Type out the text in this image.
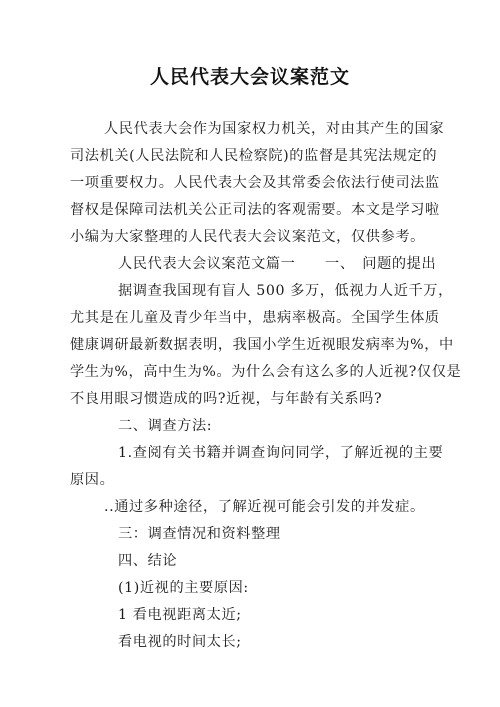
人民代表大会议案范文
人民代表大会作为国家权力机关，对由其产生的国家
司法机关(人民法院和人民检察院)的监督是其宪法规定的
一项重要权力。人民代表大会及其常委会依法行使司法监
督权是保障司法机关公正司法的客观需要。本文是学习啦
小编为大家整理的人民代表大会议案范文，仅供参考。
人民代表大会议案范文篇一　　一、　问题的提出
据调查我国现有盲人 500 多万，低视力人近千万，
尤其是在儿童及青少年当中，患病率极高。全国学生体质
健康调研最新数据表明，我国小学生近视眼发病率为%，中
学生为%，高中生为%。为什么会有这么多的人近视?仅仅是
不良用眼习惯造成的吗?近视，与年龄有关系吗?
二、调查方法:
1.查阅有关书籍并调查询问同学，了解近视的主要
原因。
..通过多种途径，了解近视可能会引发的并发症。
三：调查情况和资料整理
四、结论
(1)近视的主要原因:
1 看电视距离太近;
看电视的时间太长;
